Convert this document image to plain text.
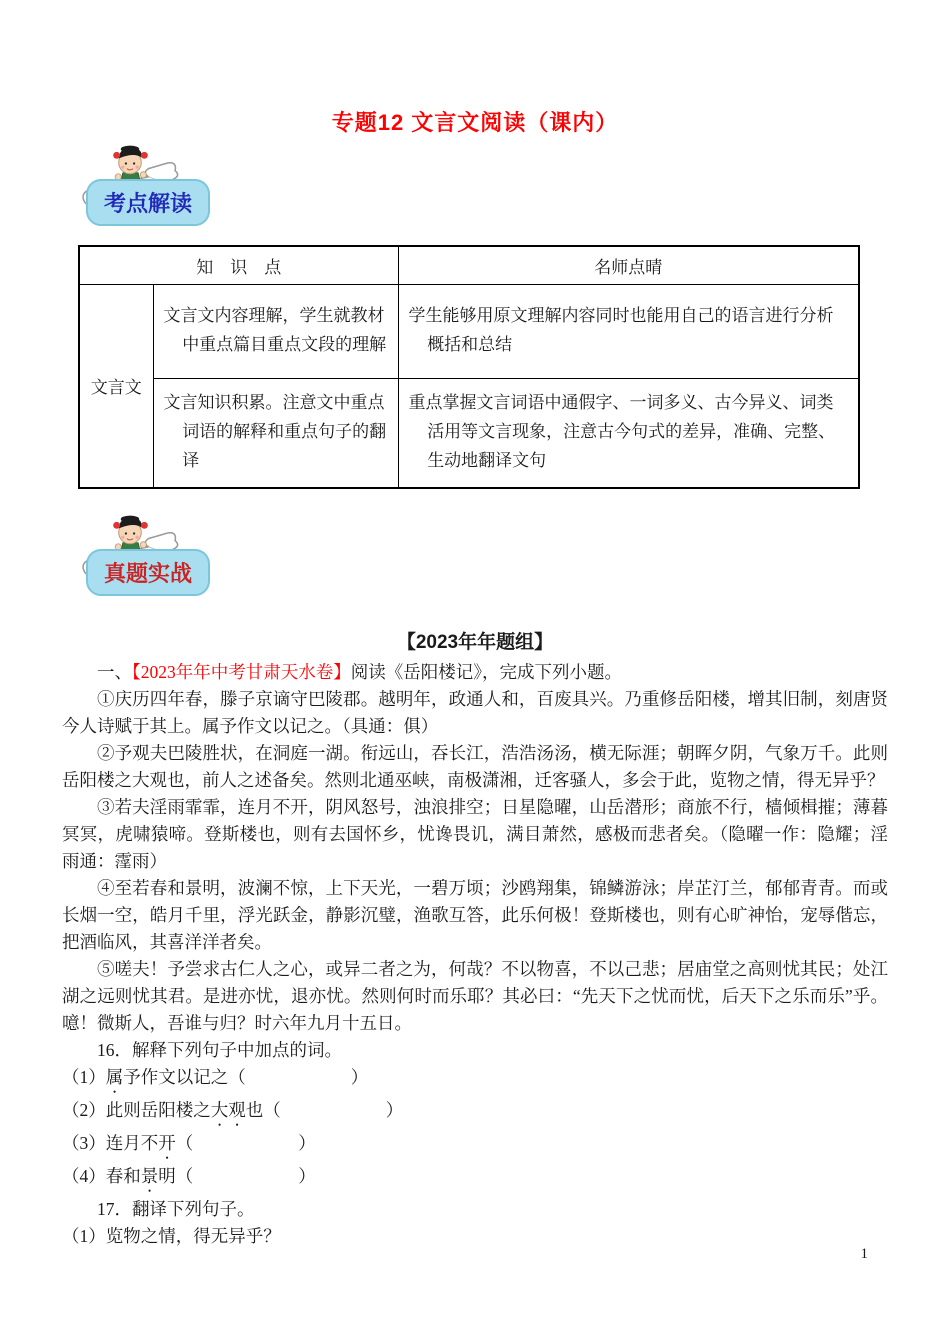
专题12 文言文阅读（课内）
考点解读
知　识　点		名师点晴
文言文	文言文内容理解，学生就教材中重点篇目重点文段的理解	学生能够用原文理解内容同时也能用自己的语言进行分析概括和总结

	文言知识积累。注意文中重点词语的解释和重点句子的翻译	重点掌握文言词语中通假字、一词多义、古今异义、词类活用等文言现象，注意古今句式的差异，准确、完整、生动地翻译文句

真题实战
【2023年年题组】

一、【2023年年中考甘肃天水卷】阅读《岳阳楼记》，完成下列小题。

①庆历四年春，滕子京谪守巴陵郡。越明年，政通人和，百废具兴。乃重修岳阳楼，增其旧制，刻唐贤今人诗赋于其上。属予作文以记之。（具通：俱）

②予观夫巴陵胜状，在洞庭一湖。衔远山，吞长江，浩浩汤汤，横无际涯；朝晖夕阴，气象万千。此则岳阳楼之大观也，前人之述备矣。然则北通巫峡，南极潇湘，迁客骚人，多会于此，览物之情，得无异乎？

③若夫淫雨霏霏，连月不开，阴风怒号，浊浪排空；日星隐曜，山岳潜形；商旅不行，樯倾楫摧；薄暮冥冥，虎啸猿啼。登斯楼也，则有去国怀乡，忧谗畏讥，满目萧然，感极而悲者矣。（隐曜一作：隐耀；淫雨通：霪雨）

④至若春和景明，波澜不惊，上下天光，一碧万顷；沙鸥翔集，锦鳞游泳；岸芷汀兰，郁郁青青。而或长烟一空，皓月千里，浮光跃金，静影沉璧，渔歌互答，此乐何极！登斯楼也，则有心旷神怡，宠辱偕忘，把酒临风，其喜洋洋者矣。

⑤嗟夫！予尝求古仁人之心，或异二者之为，何哉？不以物喜，不以己悲；居庙堂之高则忧其民；处江湖之远则忧其君。是进亦忧，退亦忧。然则何时而乐耶？其必曰：“先天下之忧而忧，后天下之乐而乐”乎。噫！微斯人，吾谁与归？时六年九月十五日。

16．解释下列句子中加点的词。

（1）属予作文以记之（　　　　　　）

（2）此则岳阳楼之大观也（　　　　　　）

（3）连月不开（　　　　　　）

（4）春和景明（　　　　　　）

17．翻译下列句子。

（1）览物之情，得无异乎？

1
